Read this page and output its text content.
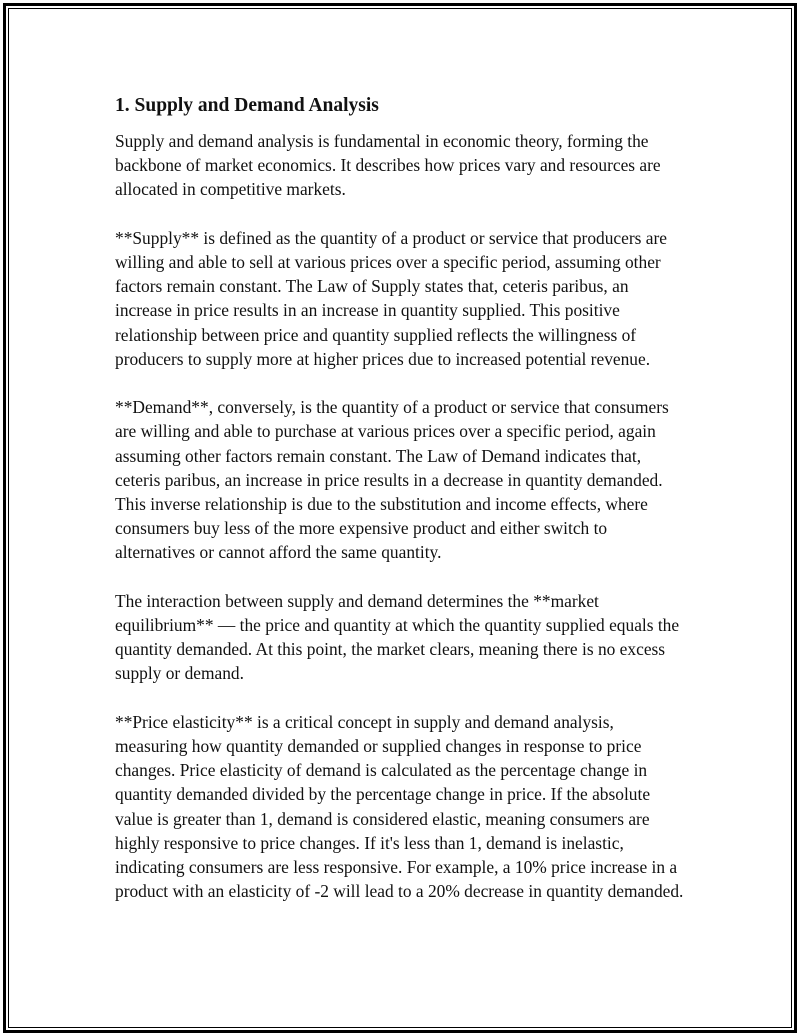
1. Supply and Demand Analysis

Supply and demand analysis is fundamental in economic theory, forming the backbone of market economics. It describes how prices vary and resources are allocated in competitive markets.

**Supply** is defined as the quantity of a product or service that producers are willing and able to sell at various prices over a specific period, assuming other factors remain constant. The Law of Supply states that, ceteris paribus, an increase in price results in an increase in quantity supplied. This positive relationship between price and quantity supplied reflects the willingness of producers to supply more at higher prices due to increased potential revenue.

**Demand**, conversely, is the quantity of a product or service that consumers are willing and able to purchase at various prices over a specific period, again assuming other factors remain constant. The Law of Demand indicates that, ceteris paribus, an increase in price results in a decrease in quantity demanded. This inverse relationship is due to the substitution and income effects, where consumers buy less of the more expensive product and either switch to alternatives or cannot afford the same quantity.

The interaction between supply and demand determines the **market equilibrium** — the price and quantity at which the quantity supplied equals the quantity demanded. At this point, the market clears, meaning there is no excess supply or demand.

**Price elasticity** is a critical concept in supply and demand analysis, measuring how quantity demanded or supplied changes in response to price changes. Price elasticity of demand is calculated as the percentage change in quantity demanded divided by the percentage change in price. If the absolute value is greater than 1, demand is considered elastic, meaning consumers are highly responsive to price changes. If it's less than 1, demand is inelastic, indicating consumers are less responsive. For example, a 10% price increase in a product with an elasticity of -2 will lead to a 20% decrease in quantity demanded.
